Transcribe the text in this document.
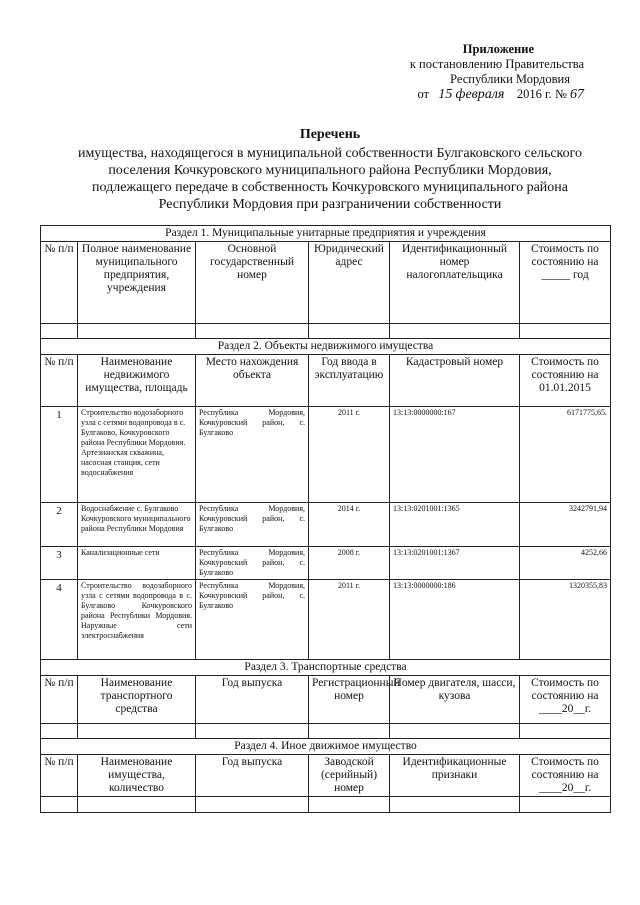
Приложение
к постановлению Правительства
Республики Мордовия
от 15 февраля 2016 г. № 67
Перечень
имущества, находящегося в муниципальной собственности Булгаковского сельского
поселения Кочкуровского муниципального района Республики Мордовия,
подлежащего передаче в собственность Кочкуровского муниципального района
Республики Мордовия при разграничении собственности
Раздел 1. Муниципальные унитарные предприятия и учреждения					
№ п/п	Полное наименование муниципального предприятия, учреждения	Основной государственный номер	Юридический адрес	Идентификационный номер налогоплательщика	Стоимость по состоянию на _____ год

Раздел 2. Объекты недвижимого имущества					
№ п/п	Наименование недвижимого имущества, площадь	Место нахождения объекта	Год ввода в эксплуатацию	Кадастровый номер	Стоимость по состоянию на 01.01.2015
1	Строительство водозаборного узла с сетями водопровода в с. Булгаково, Кочкуровского района Республики Мордовия. Артезианская скважина, насосная станция, сети водоснабжения	Республика Мордовия, Кочкуровский район, с. Булгаково	2011 г.	13:13:0000000:167	6171775,65.
2	Водоснабжение с. Булгаково Кочкуровского муниципального района Республики Мордовия	Республика Мордовия, Кочкуровский район, с. Булгаково	2014 г.	13:13:0201001:1365	3242791,94
3	Канализационные сети	Республика Мордовия, Кочкуровский район, с. Булгаково	2008 г.	13:13:0201001:1367	4252,66
4	Строительство водозаборного узла с сетями водопровода в с. Булгаково Кочкуровского района Республики Мордовия. Наружные сети электроснабжения	Республика Мордовия, Кочкуровский район, с. Булгаково	2011 г.	13:13:0000000:186	1320355,83
Раздел 3. Транспортные средства					
№ п/п	Наименование транспортного средства	Год выпуска	Регистрационный номер	Номер двигателя, шасси, кузова	Стоимость по состоянию на ____20__г.

Раздел 4. Иное движимое имущество					
№ п/п	Наименование имущества, количество	Год выпуска	Заводской (серийный) номер	Идентификационные признаки	Стоимость по состоянию на ____20__г.
